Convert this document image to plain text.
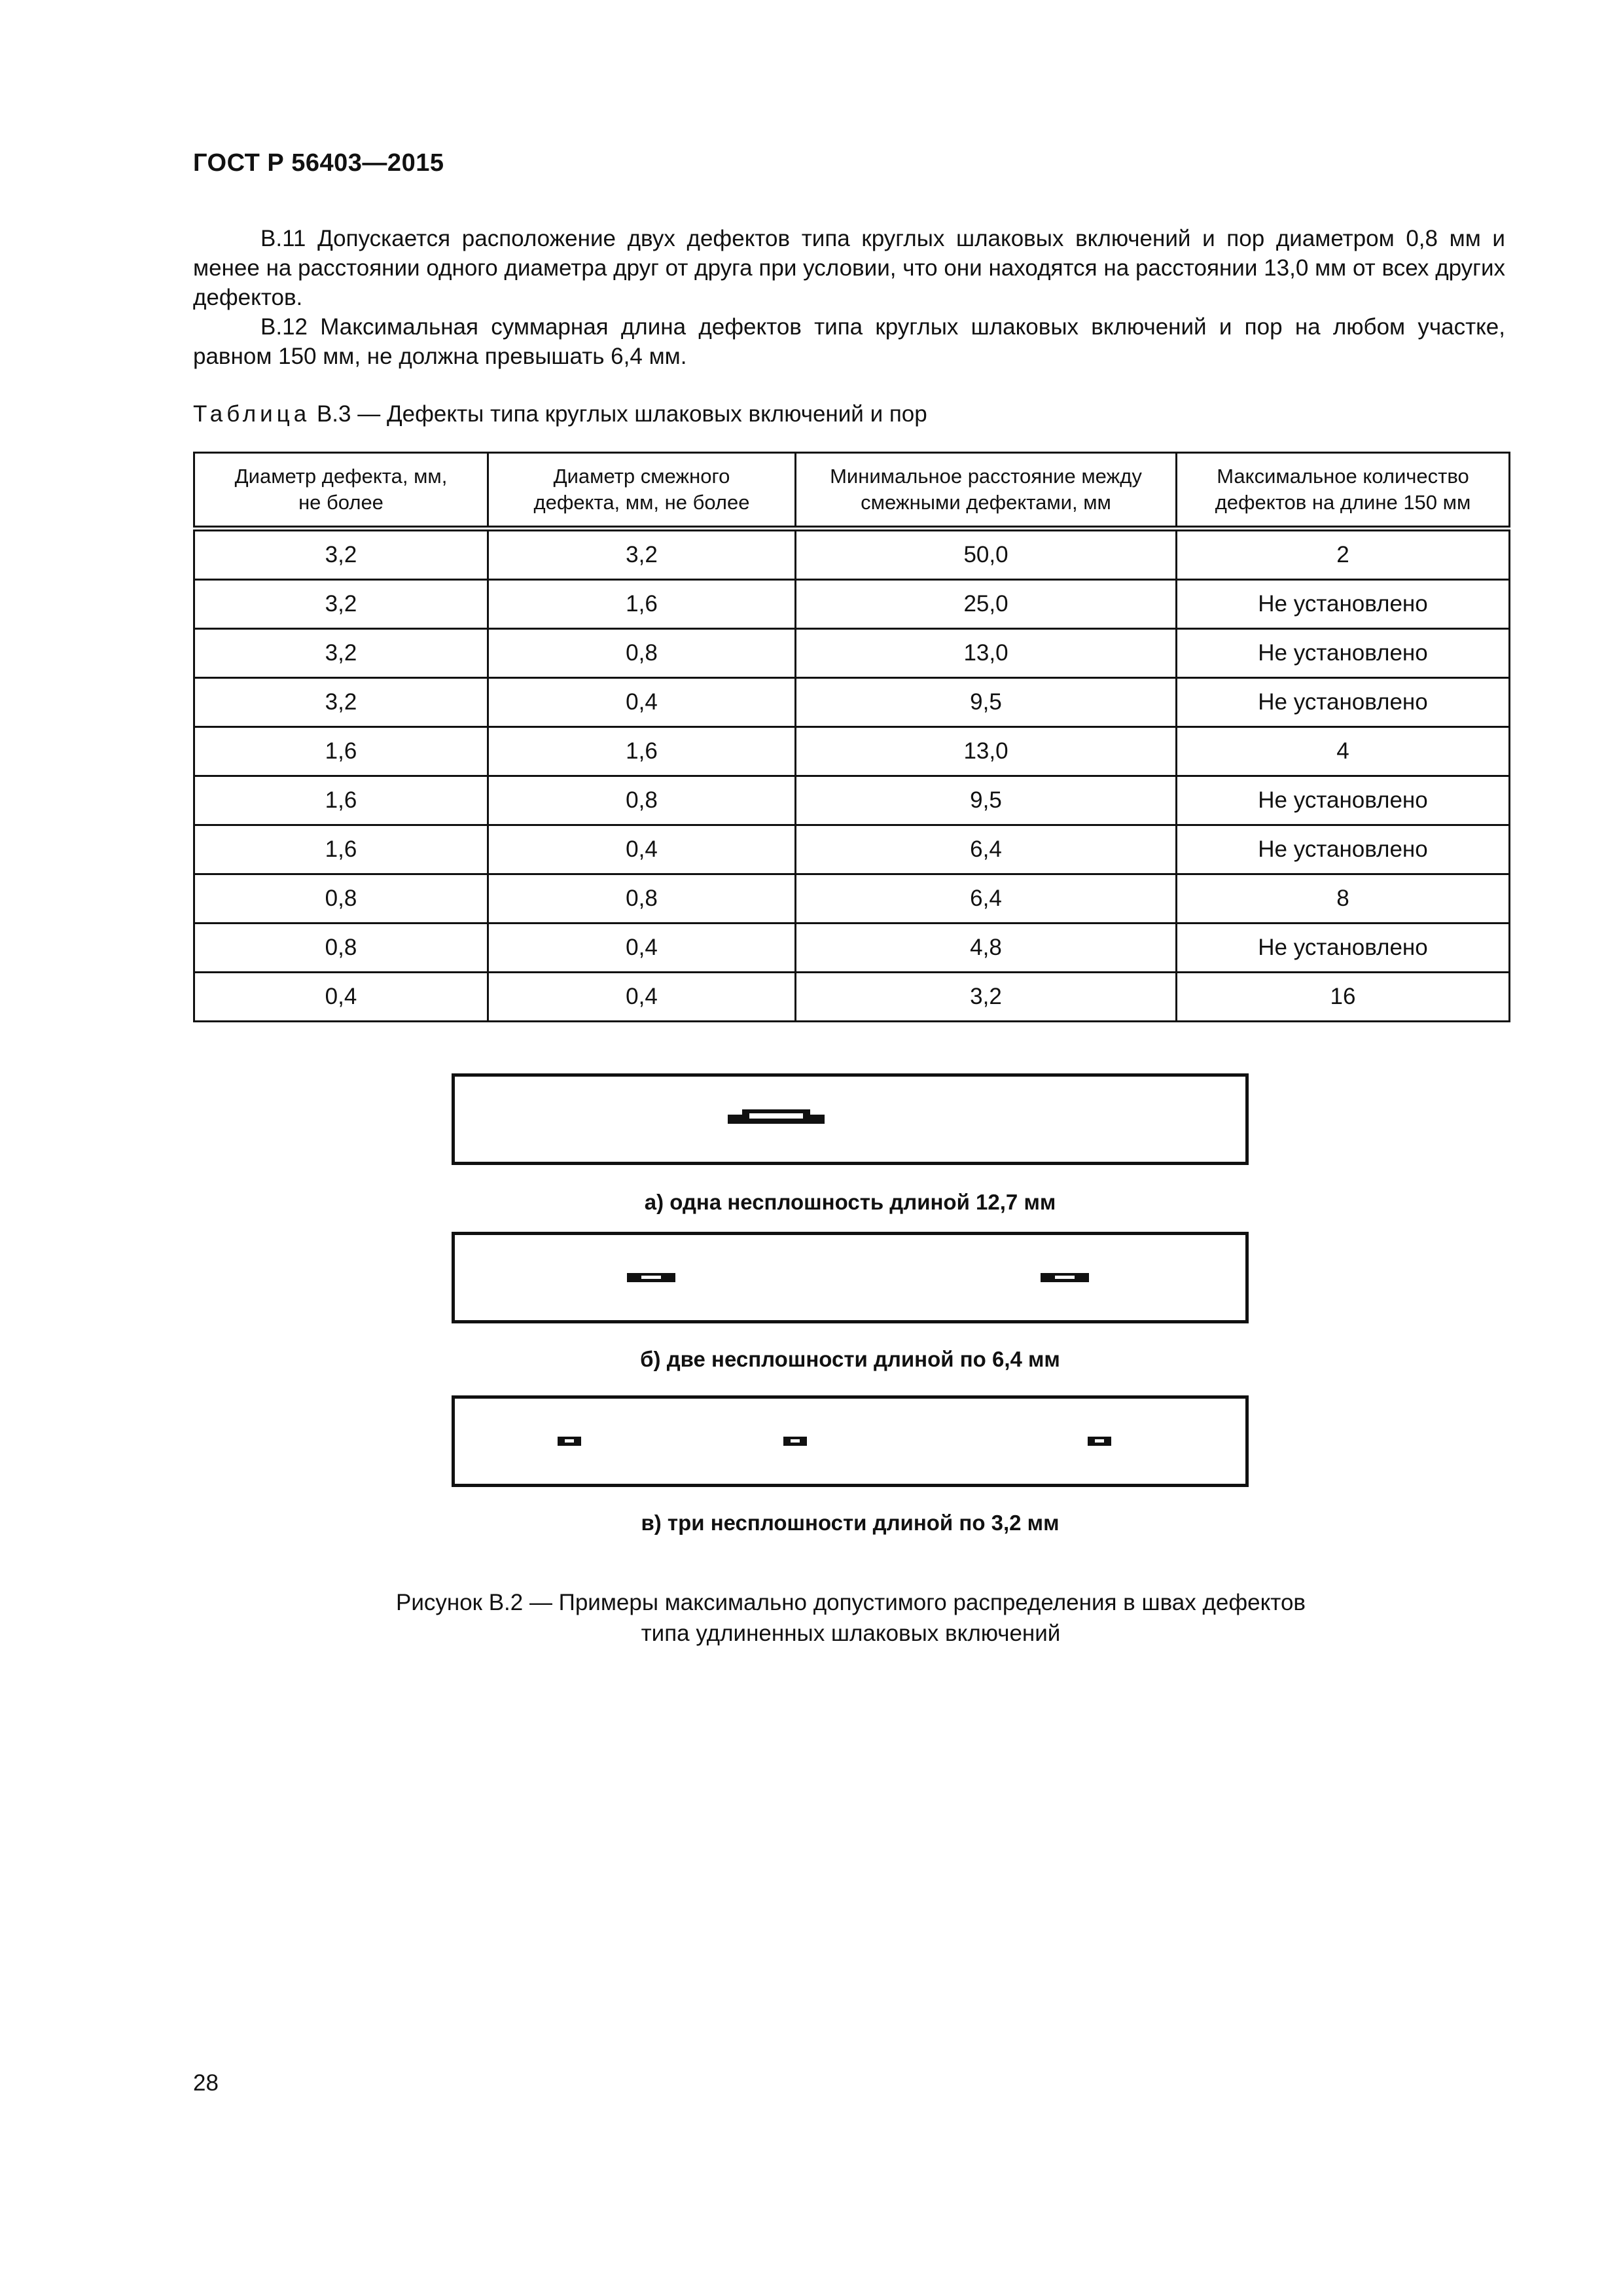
ГОСТ Р 56403—2015

В.11 Допускается расположение двух дефектов типа круглых шлаковых включений и пор диаметром 0,8 мм и менее на расстоянии одного диаметра друг от друга при условии, что они находятся на расстоянии 13,0 мм от всех других дефектов.

В.12 Максимальная суммарная длина дефектов типа круглых шлаковых включений и пор на любом участке, равном 150 мм, не должна превышать 6,4 мм.

Таблица В.3 — Дефекты типа круглых шлаковых включений и пор
Диаметр дефекта, мм, не более	Диаметр смежного дефекта, мм, не более	Минимальное расстояние между смежными дефектами, мм	Максимальное количество дефектов на длине 150 мм

3,2	3,2	50,0	2
3,2	1,6	25,0	Не установлено
3,2	0,8	13,0	Не установлено
3,2	0,4	9,5	Не установлено
1,6	1,6	13,0	4
1,6	0,8	9,5	Не установлено
1,6	0,4	6,4	Не установлено
0,8	0,8	6,4	8
0,8	0,4	4,8	Не установлено
0,4	0,4	3,2	16
а) одна несплошность длиной 12,7 мм
б) две несплошности длиной по 6,4 мм
в) три несплошности длиной по 3,2 мм
Рисунок В.2 — Примеры максимально допустимого распределения в швах дефектов
типа удлиненных шлаковых включений
28
